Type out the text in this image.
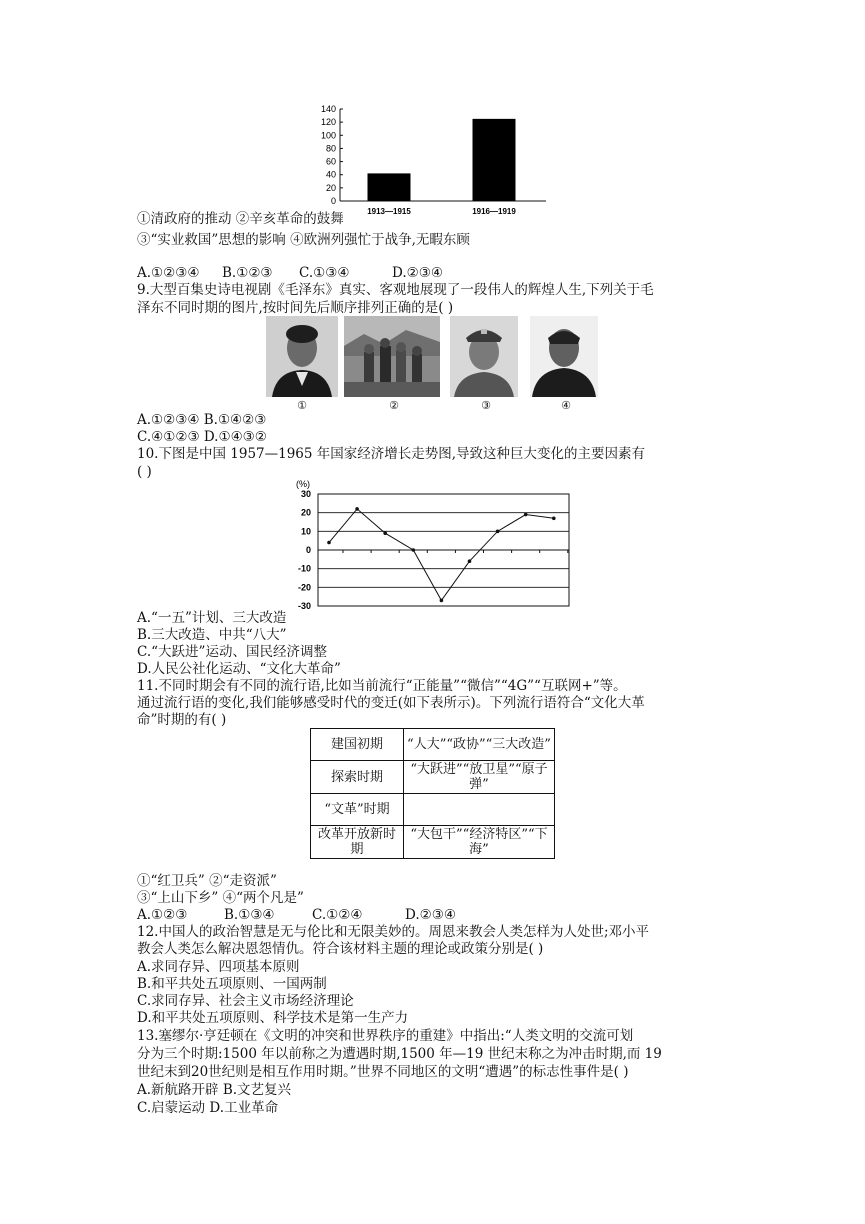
0
20
40
60
80
100
120
140
1913—1915	1916—1919
①清政府的推动 ②辛亥革命的鼓舞
③“实业救国”思想的影响 ④欧洲列强忙于战争,无暇东顾
A.①②③④ B.①②③ C.①③④	D.②③④
9.大型百集史诗电视剧《毛泽东》真实、客观地展现了一段伟人的辉煌人生,下列关于毛
泽东不同时期的图片,按时间先后顺序排列正确的是( )
①	②	③	④
A.①②③④ B.①④②③
C.④①②③ D.①④③②
10.下图是中国 1957—1965 年国家经济增长走势图,导致这种巨大变化的主要因素有
( )
(%)
30
20
10
0
-10
-20
-30
A.“一五”计划、三大改造
B.三大改造、中共“八大”
C.“大跃进”运动、国民经济调整
D.人民公社化运动、“文化大革命”
11.不同时期会有不同的流行语,比如当前流行“正能量”“微信”“4G”“互联网+”等。
通过流行语的变化,我们能够感受时代的变迁(如下表所示)。下列流行语符合“文化大革
命”时期的有( )
建国初期	“人大”“政协”“三大改造”
探索时期	“大跃进”“放卫星”“原子弹”
“文革”时期	
改革开放新时期	“大包干”“经济特区”“下海”
①“红卫兵” ②“走资派”
③“上山下乡” ④“两个凡是”
A.①②③	B.①③④	C.①②④	D.②③④
12.中国人的政治智慧是无与伦比和无限美妙的。周恩来教会人类怎样为人处世;邓小平
教会人类怎么解决恩怨情仇。符合该材料主题的理论或政策分别是( )
A.求同存异、四项基本原则
B.和平共处五项原则、一国两制
C.求同存异、社会主义市场经济理论
D.和平共处五项原则、科学技术是第一生产力
13.塞缪尔·亨廷顿在《文明的冲突和世界秩序的重建》中指出:“人类文明的交流可划
分为三个时期:1500 年以前称之为遭遇时期,1500 年—19 世纪末称之为冲击时期,而 19
世纪末到20世纪则是相互作用时期。”世界不同地区的文明“遭遇”的标志性事件是( )
A.新航路开辟 B.文艺复兴
C.启蒙运动 D.工业革命
